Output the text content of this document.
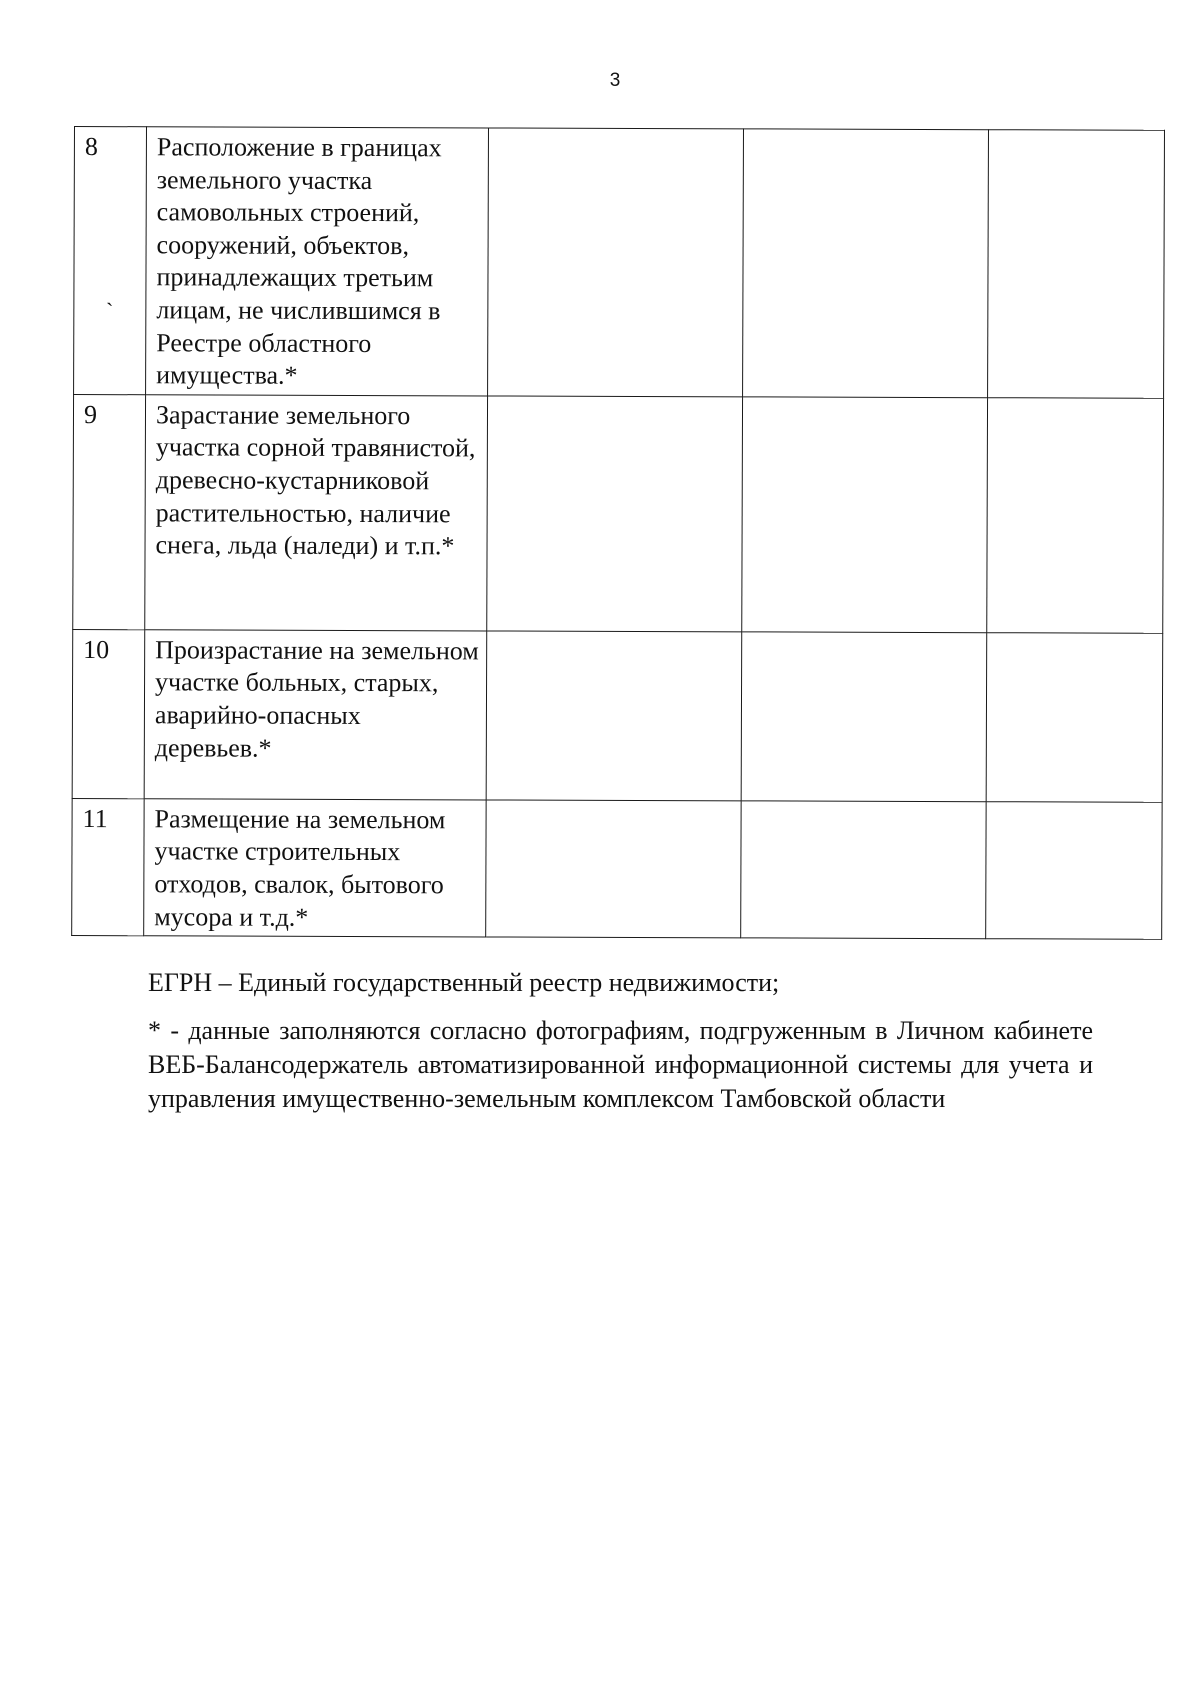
3
`
8	Расположение в границах земельного участка самовольных строений, сооружений, объектов, принадлежащих третьим лицам, не числившимся в Реестре областного имущества.*			
9	Зарастание земельного участка сорной травянистой, древесно-кустарниковой растительностью, наличие снега, льда (наледи) и т.п.*			
10	Произрастание на земельном участке больных, старых, аварийно-опасных деревьев.*			
11	Размещение на земельном участке строительных отходов, свалок, бытового мусора и т.д.*			

ЕГРН – Единый государственный реестр недвижимости;

* - данные заполняются согласно фотографиям, подгруженным в Личном кабинете ВЕБ-Балансодержатель автоматизированной информационной системы для учета и управления имущественно-земельным комплексом Тамбовской области
